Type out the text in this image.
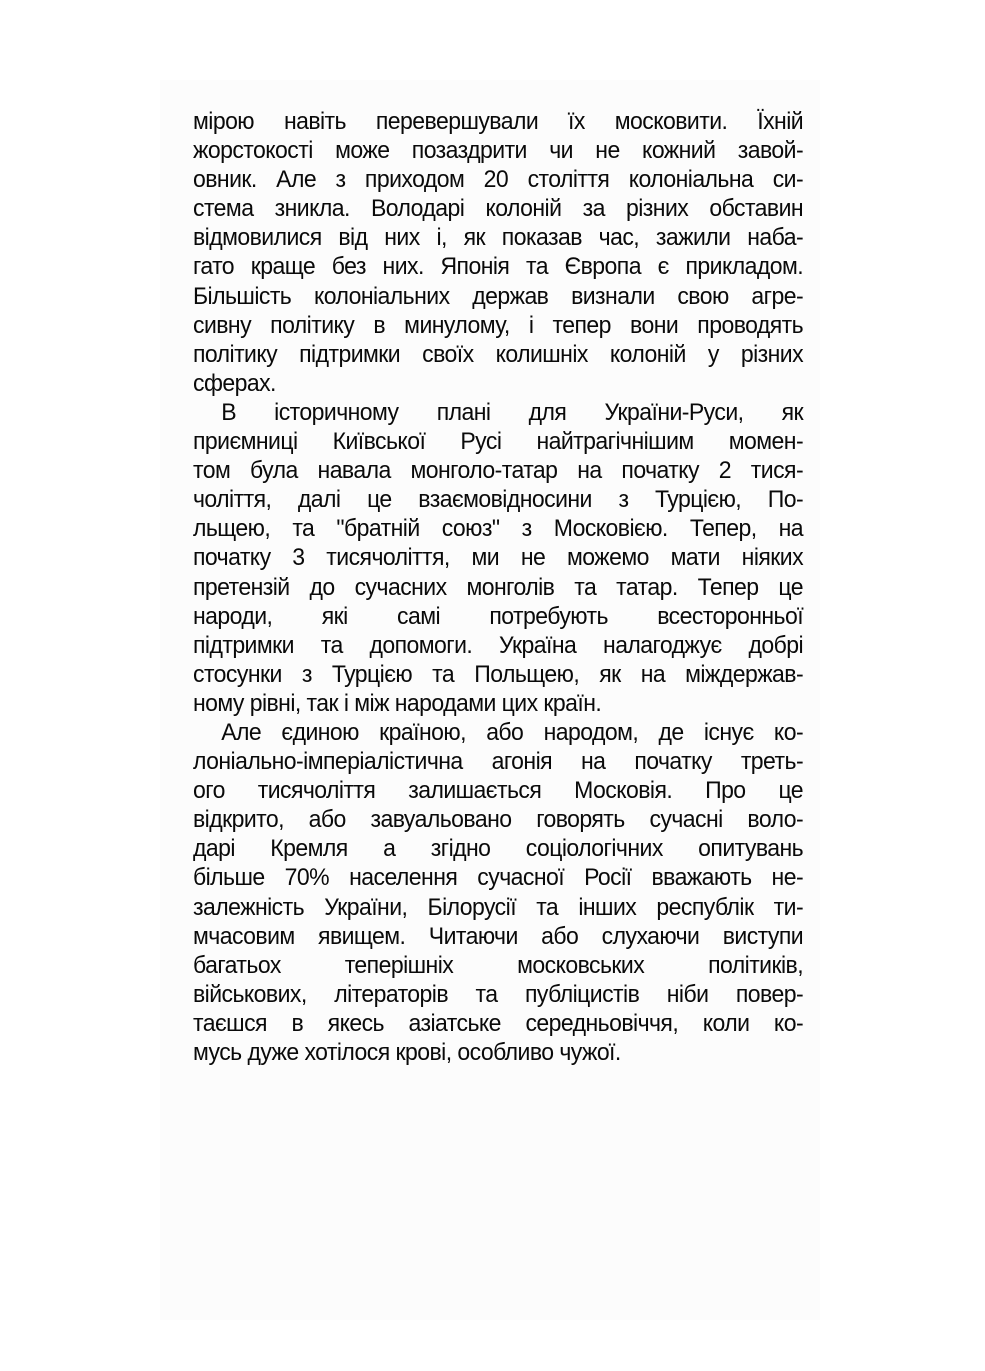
мірою навіть перевершували їх московити. Їхній
жорстокості може позаздрити чи не кожний завой-
овник. Але з приходом 20 століття колоніальна си-
стема зникла. Володарі колоній за різних обставин
відмовилися від них і, як показав час, зажили наба-
гато краще без них. Японія та Європа є прикладом.
Більшість колоніальних держав визнали свою агре-
сивну політику в минулому, і тепер вони проводять
політику підтримки своїх колишніх колоній у різних
сферах.
В історичному плані для України-Руси, як
приємниці Київської Русі найтрагічнішим момен-
том була навала монголо-татар на початку 2 тися-
чоліття, далі це взаємовідносини з Турцією, По-
льщею, та "братній союз" з Московією. Тепер, на
початку 3 тисячоліття, ми не можемо мати ніяких
претензій до сучасних монголів та татар. Тепер це
народи, які самі потребують всесторонньої
підтримки та допомоги. Україна налагоджує добрі
стосунки з Турцією та Польщею, як на міждержав-
ному рівні, так і між народами цих країн.
Але єдиною країною, або народом, де існує ко-
лоніально-імперіалістична агонія на початку треть-
ого тисячоліття залишається Московія. Про це
відкрито, або завуальовано говорять сучасні воло-
дарі Кремля а згідно соціологічних опитувань
більше 70% населення сучасної Росії вважають не-
залежність України, Білорусії та інших республік ти-
мчасовим явищем. Читаючи або слухаючи виступи
багатьох теперішніх московських політиків,
військових, літераторів та публіцистів ніби повер-
таєшся в якесь азіатське середньовіччя, коли ко-
мусь дуже хотілося крові, особливо чужої.
